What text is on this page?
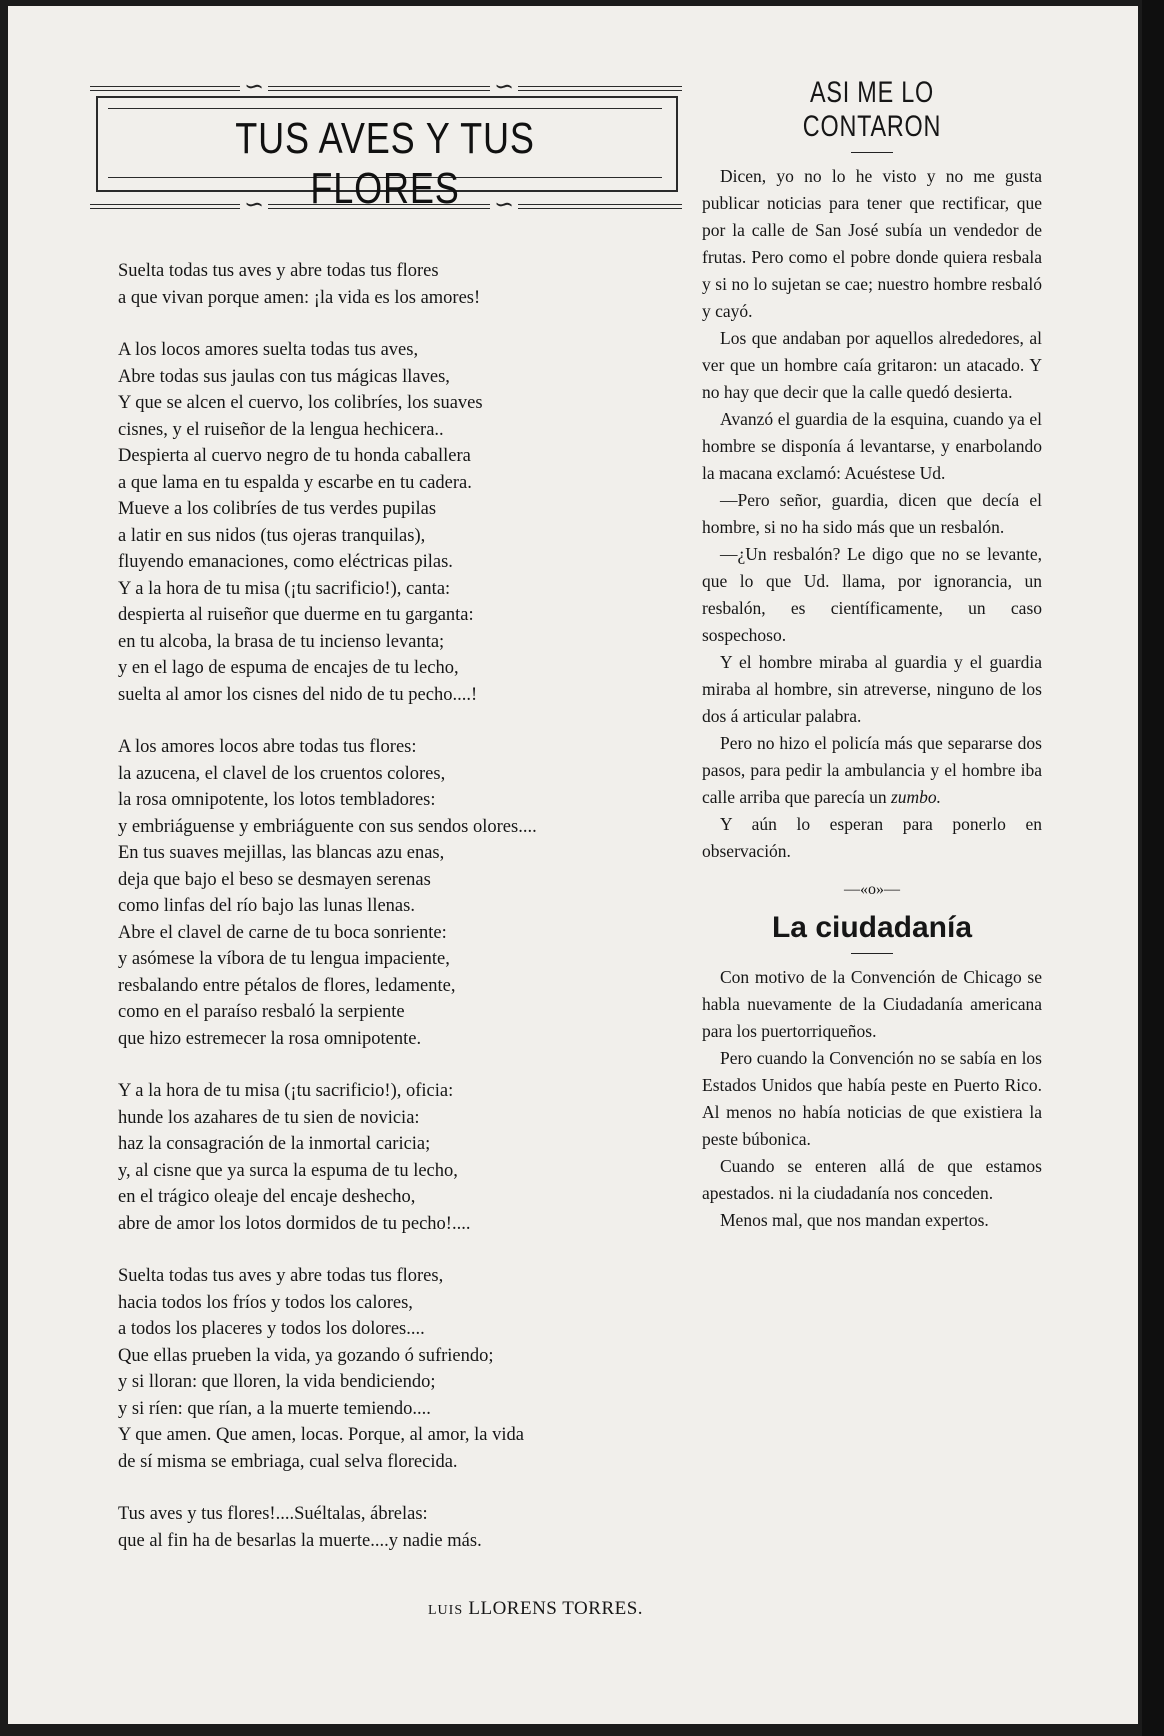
∽	∽
TUS AVES Y TUS FLORES
∽	∽
Suelta todas tus aves y abre todas tus flores
a que vivan porque amen: ¡la vida es los amores!
A los locos amores suelta todas tus aves,
Abre todas sus jaulas con tus mágicas llaves,
Y que se alcen el cuervo, los colibríes, los suaves
cisnes, y el ruiseñor de la lengua hechicera..
Despierta al cuervo negro de tu honda caballera
a que lama en tu espalda y escarbe en tu cadera.
Mueve a los colibríes de tus verdes pupilas
a latir en sus nidos (tus ojeras tranquilas),
fluyendo emanaciones, como eléctricas pilas.
Y a la hora de tu misa (¡tu sacrificio!), canta:
despierta al ruiseñor que duerme en tu garganta:
en tu alcoba, la brasa de tu incienso levanta;
y en el lago de espuma de encajes de tu lecho,
suelta al amor los cisnes del nido de tu pecho....!
A los amores locos abre todas tus flores:
la azucena, el clavel de los cruentos colores,
la rosa omnipotente, los lotos tembladores:
y embriáguense y embriáguente con sus sendos olores....
En tus suaves mejillas, las blancas azu enas,
deja que bajo el beso se desmayen serenas
como linfas del río bajo las lunas llenas.
Abre el clavel de carne de tu boca sonriente:
y asómese la víbora de tu lengua impaciente,
resbalando entre pétalos de flores, ledamente,
como en el paraíso resbaló la serpiente
que hizo estremecer la rosa omnipotente.
Y a la hora de tu misa (¡tu sacrificio!), oficia:
hunde los azahares de tu sien de novicia:
haz la consagración de la inmortal caricia;
y, al cisne que ya surca la espuma de tu lecho,
en el trágico oleaje del encaje deshecho,
abre de amor los lotos dormidos de tu pecho!....
Suelta todas tus aves y abre todas tus flores,
hacia todos los fríos y todos los calores,
a todos los placeres y todos los dolores....
Que ellas prueben la vida, ya gozando ó sufriendo;
y si lloran: que lloren, la vida bendiciendo;
y si ríen: que rían, a la muerte temiendo....
Y que amen. Que amen, locas. Porque, al amor, la vida
de sí misma se embriaga, cual selva florecida.
Tus aves y tus flores!....Suéltalas, ábrelas:
que al fin ha de besarlas la muerte....y nadie más.
LUIS LLORENS TORRES.
ASI ME LO CONTARON

Dicen, yo no lo he visto y no me gusta publicar noticias para tener que rectificar, que por la calle de San José subía un vendedor de frutas. Pero como el pobre donde quiera resbala y si no lo sujetan se cae; nuestro hombre resbaló y cayó.

Los que andaban por aquellos alrededores, al ver que un hombre caía gritaron: un atacado. Y no hay que decir que la calle quedó desierta.

Avanzó el guardia de la esquina, cuando ya el hombre se disponía á levantarse, y enarbolando la macana exclamó: Acuéstese Ud.

—Pero señor, guardia, dicen que decía el hombre, si no ha sido más que un resbalón.

—¿Un resbalón? Le digo que no se levante, que lo que Ud. llama, por ignorancia, un resbalón, es científicamente, un caso sospechoso.

Y el hombre miraba al guardia y el guardia miraba al hombre, sin atreverse, ninguno de los dos á articular palabra.

Pero no hizo el policía más que separarse dos pasos, para pedir la ambulancia y el hombre iba calle arriba que parecía un zumbo.

Y aún lo esperan para ponerlo en observación.

—«o»—
La ciudadanía

Con motivo de la Convención de Chicago se habla nuevamente de la Ciudadanía americana para los puertorriqueños.

Pero cuando la Convención no se sabía en los Estados Unidos que había peste en Puerto Rico. Al menos no había noticias de que existiera la peste búbonica.

Cuando se enteren allá de que estamos apestados. ni la ciudadanía nos conceden.

Menos mal, que nos mandan expertos.
